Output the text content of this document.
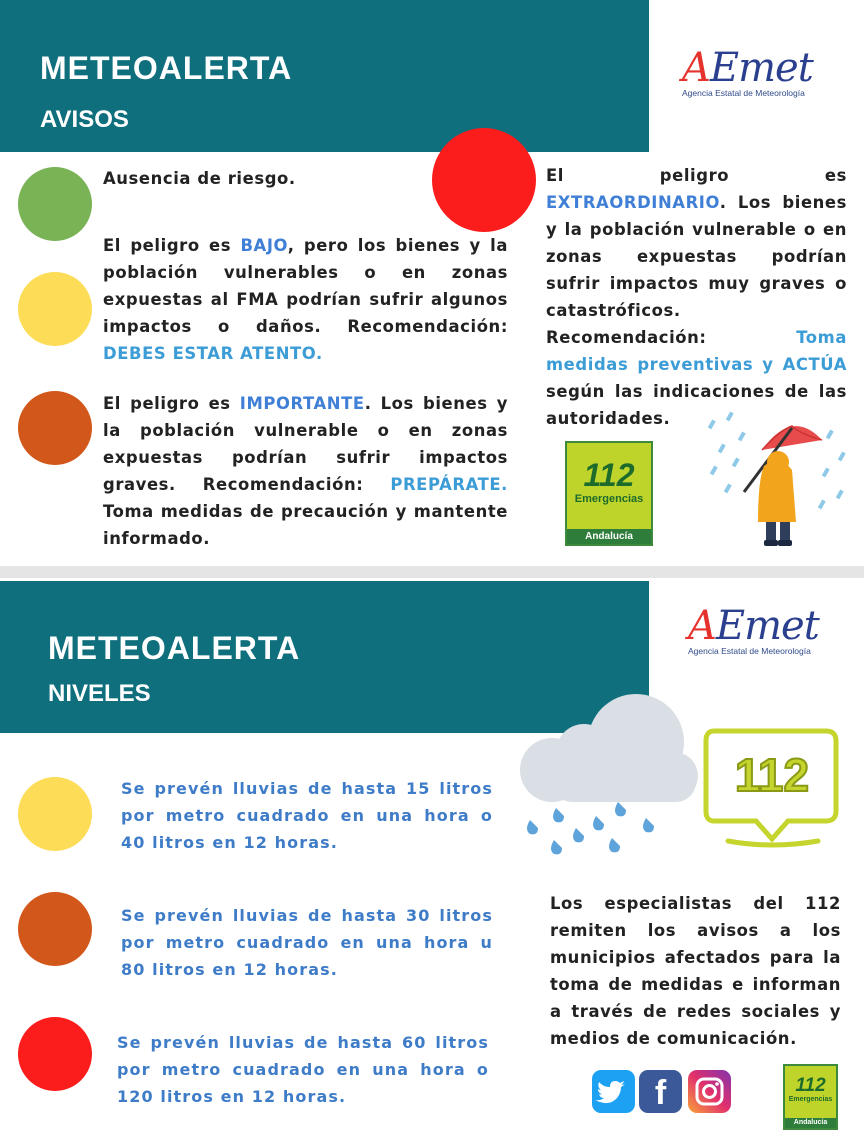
METEOALERTA
AVISOS
AEmet
Agencia Estatal de Meteorología
Ausencia de riesgo.
El peligro es BAJO, pero los bienes y la población vulnerables o en zonas expuestas al FMA podrían sufrir algunos impactos o daños. Recomendación: DEBES ESTAR ATENTO.
El peligro es IMPORTANTE. Los bienes y la población vulnerable o en zonas expuestas podrían sufrir impactos graves. Recomendación: PREPÁRATE. Toma medidas de precaución y mantente informado.
El peligro es EXTRAORDINARIO. Los bienes y la población vulnerable o en zonas expuestas podrían sufrir impactos muy graves o catastróficos. Recomendación: Toma medidas preventivas y ACTÚA según las indicaciones de las autoridades.
112
Emergencias
Andalucía
METEOALERTA
NIVELES
AEmet
Agencia Estatal de Meteorología
Se prevén lluvias de hasta 15 litros por metro cuadrado en una hora o 40 litros en 12 horas.
Se prevén lluvias de hasta 30 litros por metro cuadrado en una hora u 80 litros en 12 horas.
Se prevén lluvias de hasta 60 litros por metro cuadrado en una hora o 120 litros en 12 horas.
112
Los especialistas del 112 remiten los avisos a los municipios afectados para la toma de medidas e informan a través de redes sociales y medios de comunicación.
f	112
Emergencias
Andalucía
